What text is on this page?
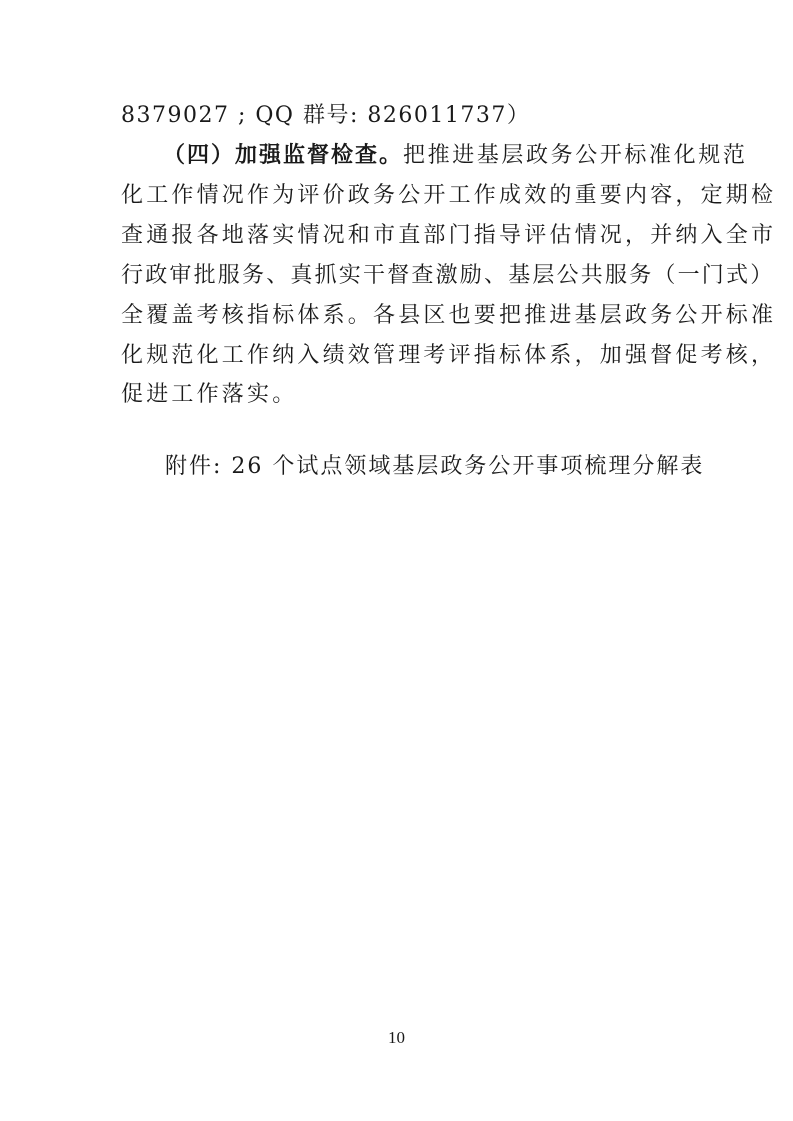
8379027 ; QQ 群号: 826011737）
（四）加强监督检查。把推进基层政务公开标准化规范
化工作情况作为评价政务公开工作成效的重要内容，定期检
查通报各地落实情况和市直部门指导评估情况，并纳入全市
行政审批服务、真抓实干督查激励、基层公共服务（一门式）
全覆盖考核指标体系。各县区也要把推进基层政务公开标准
化规范化工作纳入绩效管理考评指标体系，加强督促考核，
促进工作落实。
附件: 26 个试点领域基层政务公开事项梳理分解表
10
